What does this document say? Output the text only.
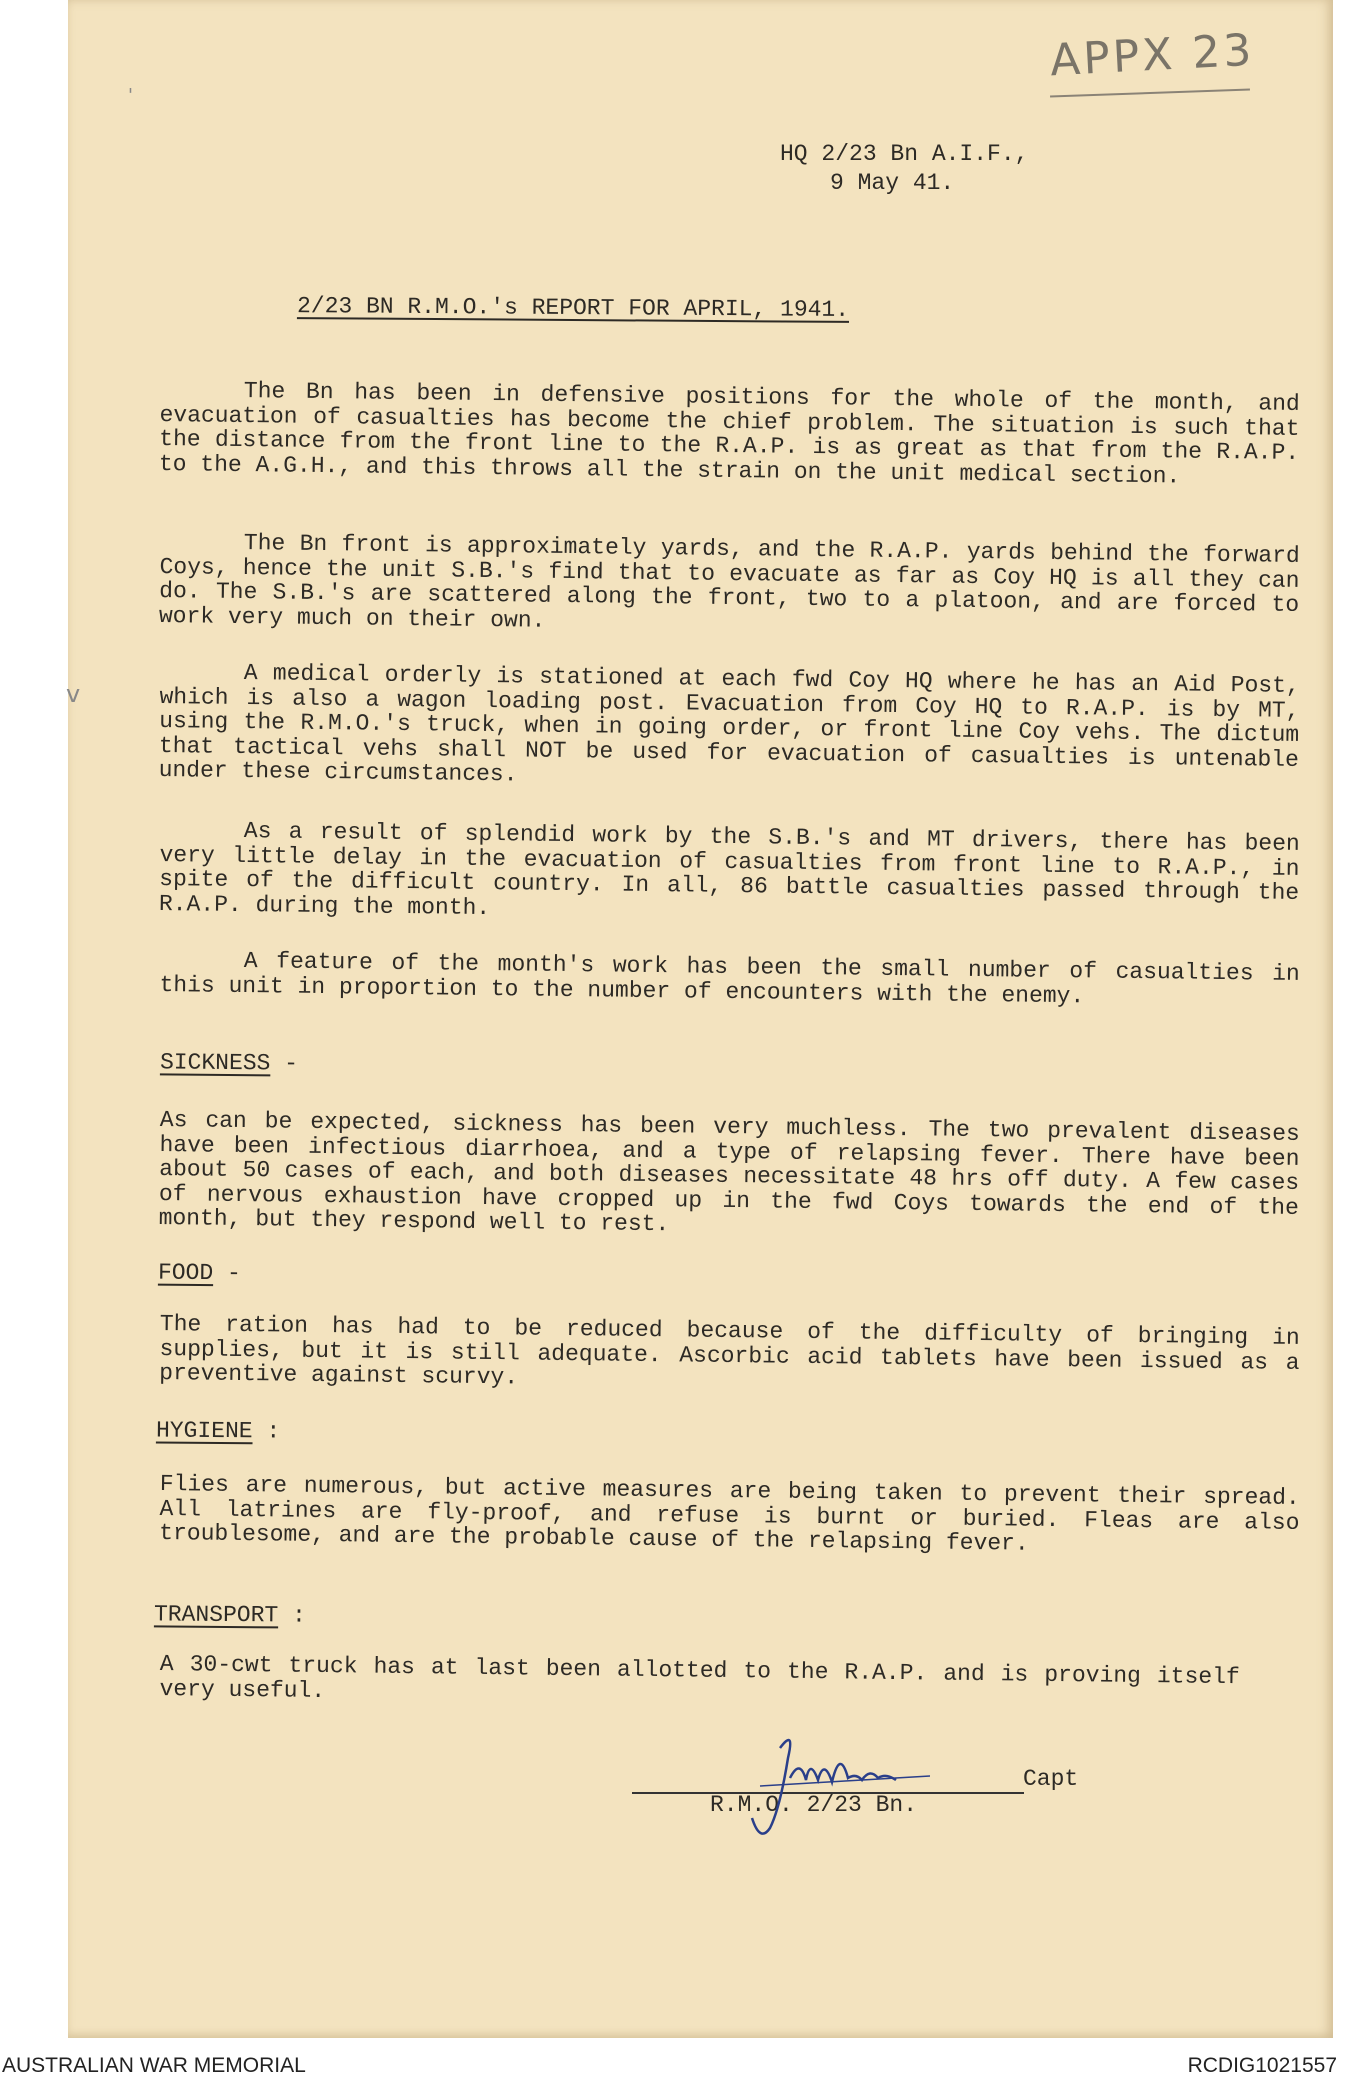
APPX 23
'
v
HQ 2/23 Bn A.I.F.,
9 May 41.
2/23 BN R.M.O.'s REPORT FOR APRIL, 1941.

The Bn has been in defensive positions for the whole of the month, and evacuation of casualties has become the chief problem. The situation is such that the distance from the front line to the R.A.P. is as great as that from the R.A.P. to the A.G.H., and this throws all the strain on the unit medical section.

The Bn front is approximately yards, and the R.A.P. yards behind the forward Coys, hence the unit S.B.'s find that to evacuate as far as Coy HQ is all they can do. The S.B.'s are scattered along the front, two to a platoon, and are forced to work very much on their own.

A medical orderly is stationed at each fwd Coy HQ where he has an Aid Post, which is also a wagon loading post. Evacuation from Coy HQ to R.A.P. is by MT, using the R.M.O.'s truck, when in going order, or front line Coy vehs. The dictum that tactical vehs shall NOT be used for evacuation of casualties is untenable under these circumstances.

As a result of splendid work by the S.B.'s and MT drivers, there has been very little delay in the evacuation of casualties from front line to R.A.P., in spite of the difficult country. In all, 86 battle casualties passed through the R.A.P. during the month.

A feature of the month's work has been the small number of casualties in this unit in proportion to the number of encounters with the enemy.

SICKNESS -

As can be expected, sickness has been very muchless. The two prevalent diseases have been infectious diarrhoea, and a type of relapsing fever. There have been about 50 cases of each, and both diseases necessitate 48 hrs off duty. A few cases of nervous exhaustion have cropped up in the fwd Coys towards the end of the month, but they respond well to rest.

FOOD -

The ration has had to be reduced because of the difficulty of bringing in supplies, but it is still adequate. Ascorbic acid tablets have been issued as a preventive against scurvy.

HYGIENE :

Flies are numerous, but active measures are being taken to prevent their spread. All latrines are fly-proof, and refuse is burnt or buried. Fleas are also troublesome, and are the probable cause of the relapsing fever.

TRANSPORT :

A 30-cwt truck has at last been allotted to the R.A.P. and is proving itself very useful.

Capt
R.M.O. 2/23 Bn.
AUSTRALIAN WAR MEMORIAL	RCDIG1021557
